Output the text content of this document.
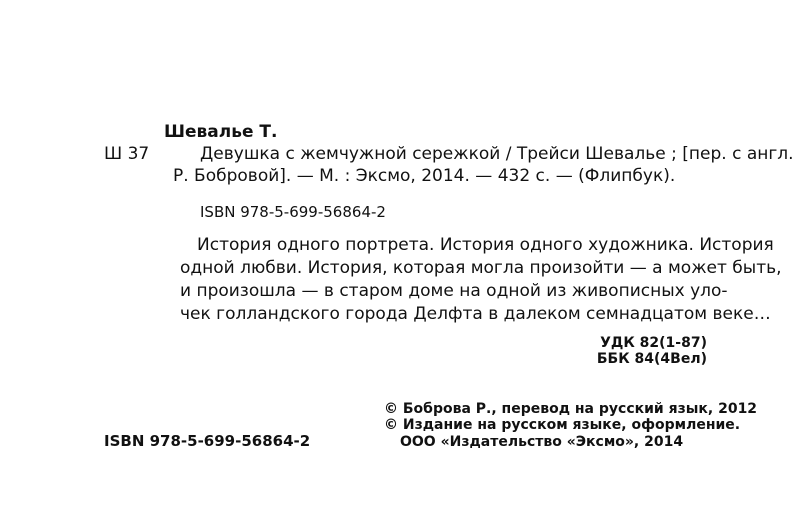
Шевалье Т.
Ш 37	Девушка с жемчужной сережкой / Трейси Шевалье ; [пер. с англ.
Р. Бобровой]. — М. : Эксмо, 2014. — 432 с. — (Флипбук).
ISBN 978-5-699-56864-2
История одного портрета. История одного художника. История
одной любви. История, которая могла произойти — а может быть,
и произошла — в старом доме на одной из живописных уло-
чек голландского города Делфта в далеком семнадцатом веке…
УДК 82(1-87)
ББК 84(4Вел)
© Боброва Р., перевод на русский язык, 2012
© Издание на русском языке, оформление.
ООО «Издательство «Эксмо», 2014
ISBN 978-5-699-56864-2
